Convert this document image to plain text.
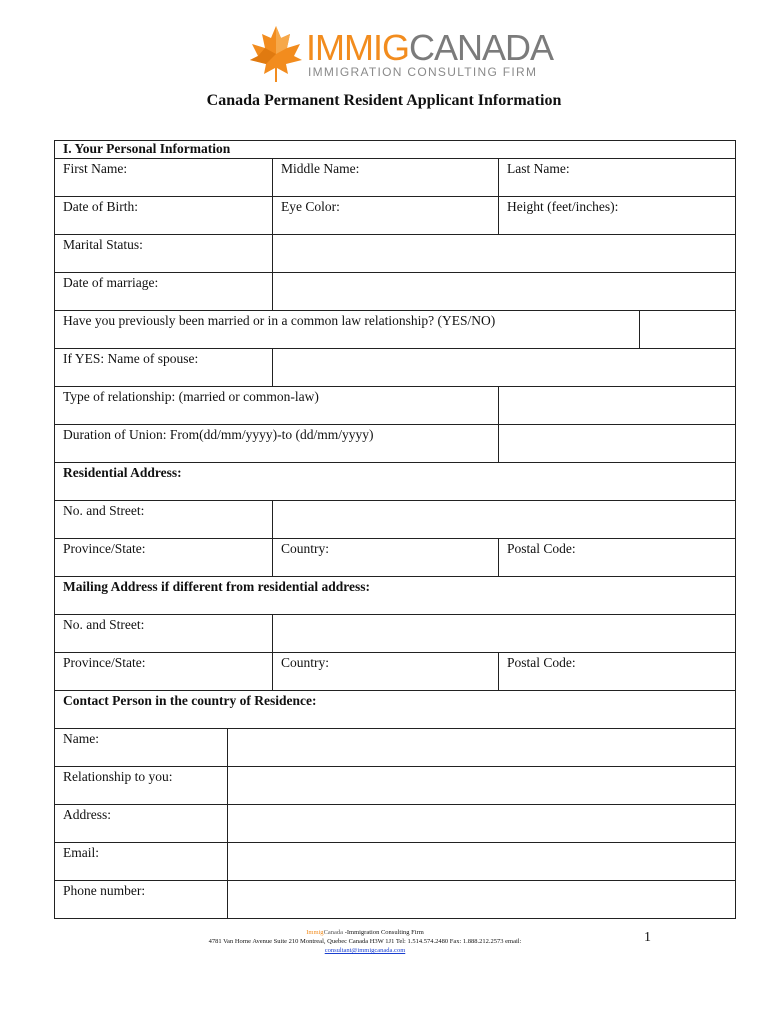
IMMIGCANADA
IMMIGRATION CONSULTING FIRM
Canada Permanent Resident Applicant Information
I. Your Personal Information				
First Name:		Middle Name:	Last Name:	
Date of Birth:		Eye Color:	Height (feet/inches):	
Marital Status:				
Date of marriage:				
Have you previously been married or in a common law relationship? (YES/NO)				
If YES: Name of spouse:				
Type of relationship: (married or common-law)				
Duration of Union: From(dd/mm/yyyy)-to (dd/mm/yyyy)				
Residential Address:				
No. and Street:				
Province/State:		Country:	Postal Code:	
Mailing Address if different from residential address:				
No. and Street:				
Province/State:		Country:	Postal Code:	
Contact Person in the country of Residence:				
Name:				
Relationship to you:				
Address:				
Email:				
Phone number:				
ImmigCanada -Immigration Consulting Firm
4781 Van Horne Avenue Suite 210 Montreal, Quebec Canada H3W 1J1 Tel: 1.514.574.2480 Fax: 1.888.212.2573 email:
consultant@immigcanada.com
1
